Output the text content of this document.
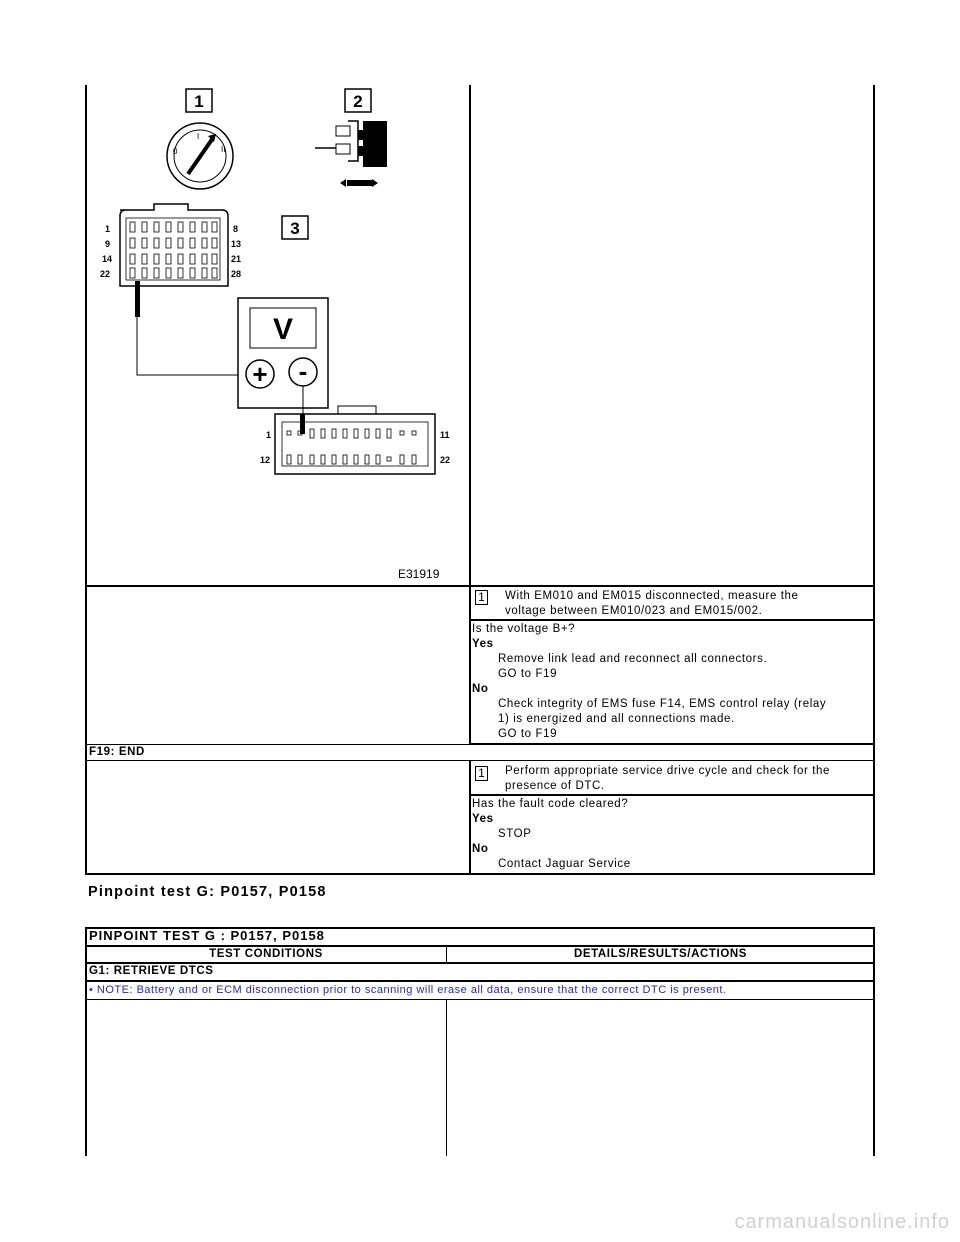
1	2
3
0
I
II
1
9
14
22
8
13
21
28
V
+ -
1
12
11
22
E31919
1 With EM010 and EM015 disconnected, measure the
voltage between EM010/023 and EM015/002.
Is the voltage B+?
Yes
Remove link lead and reconnect all connectors.
GO to F19
No
Check integrity of EMS fuse F14, EMS control relay (relay
1) is energized and all connections made.
GO to F19
F19: END
1 Perform appropriate service drive cycle and check for the
presence of DTC.
Has the fault code cleared?
Yes
STOP
No
Contact Jaguar Service
Pinpoint test G: P0157, P0158
PINPOINT TEST G : P0157, P0158
TEST CONDITIONS	DETAILS/RESULTS/ACTIONS
G1: RETRIEVE DTCS
• NOTE: Battery and or ECM disconnection prior to scanning will erase all data, ensure that the correct DTC is present.
carmanualsonline.info
